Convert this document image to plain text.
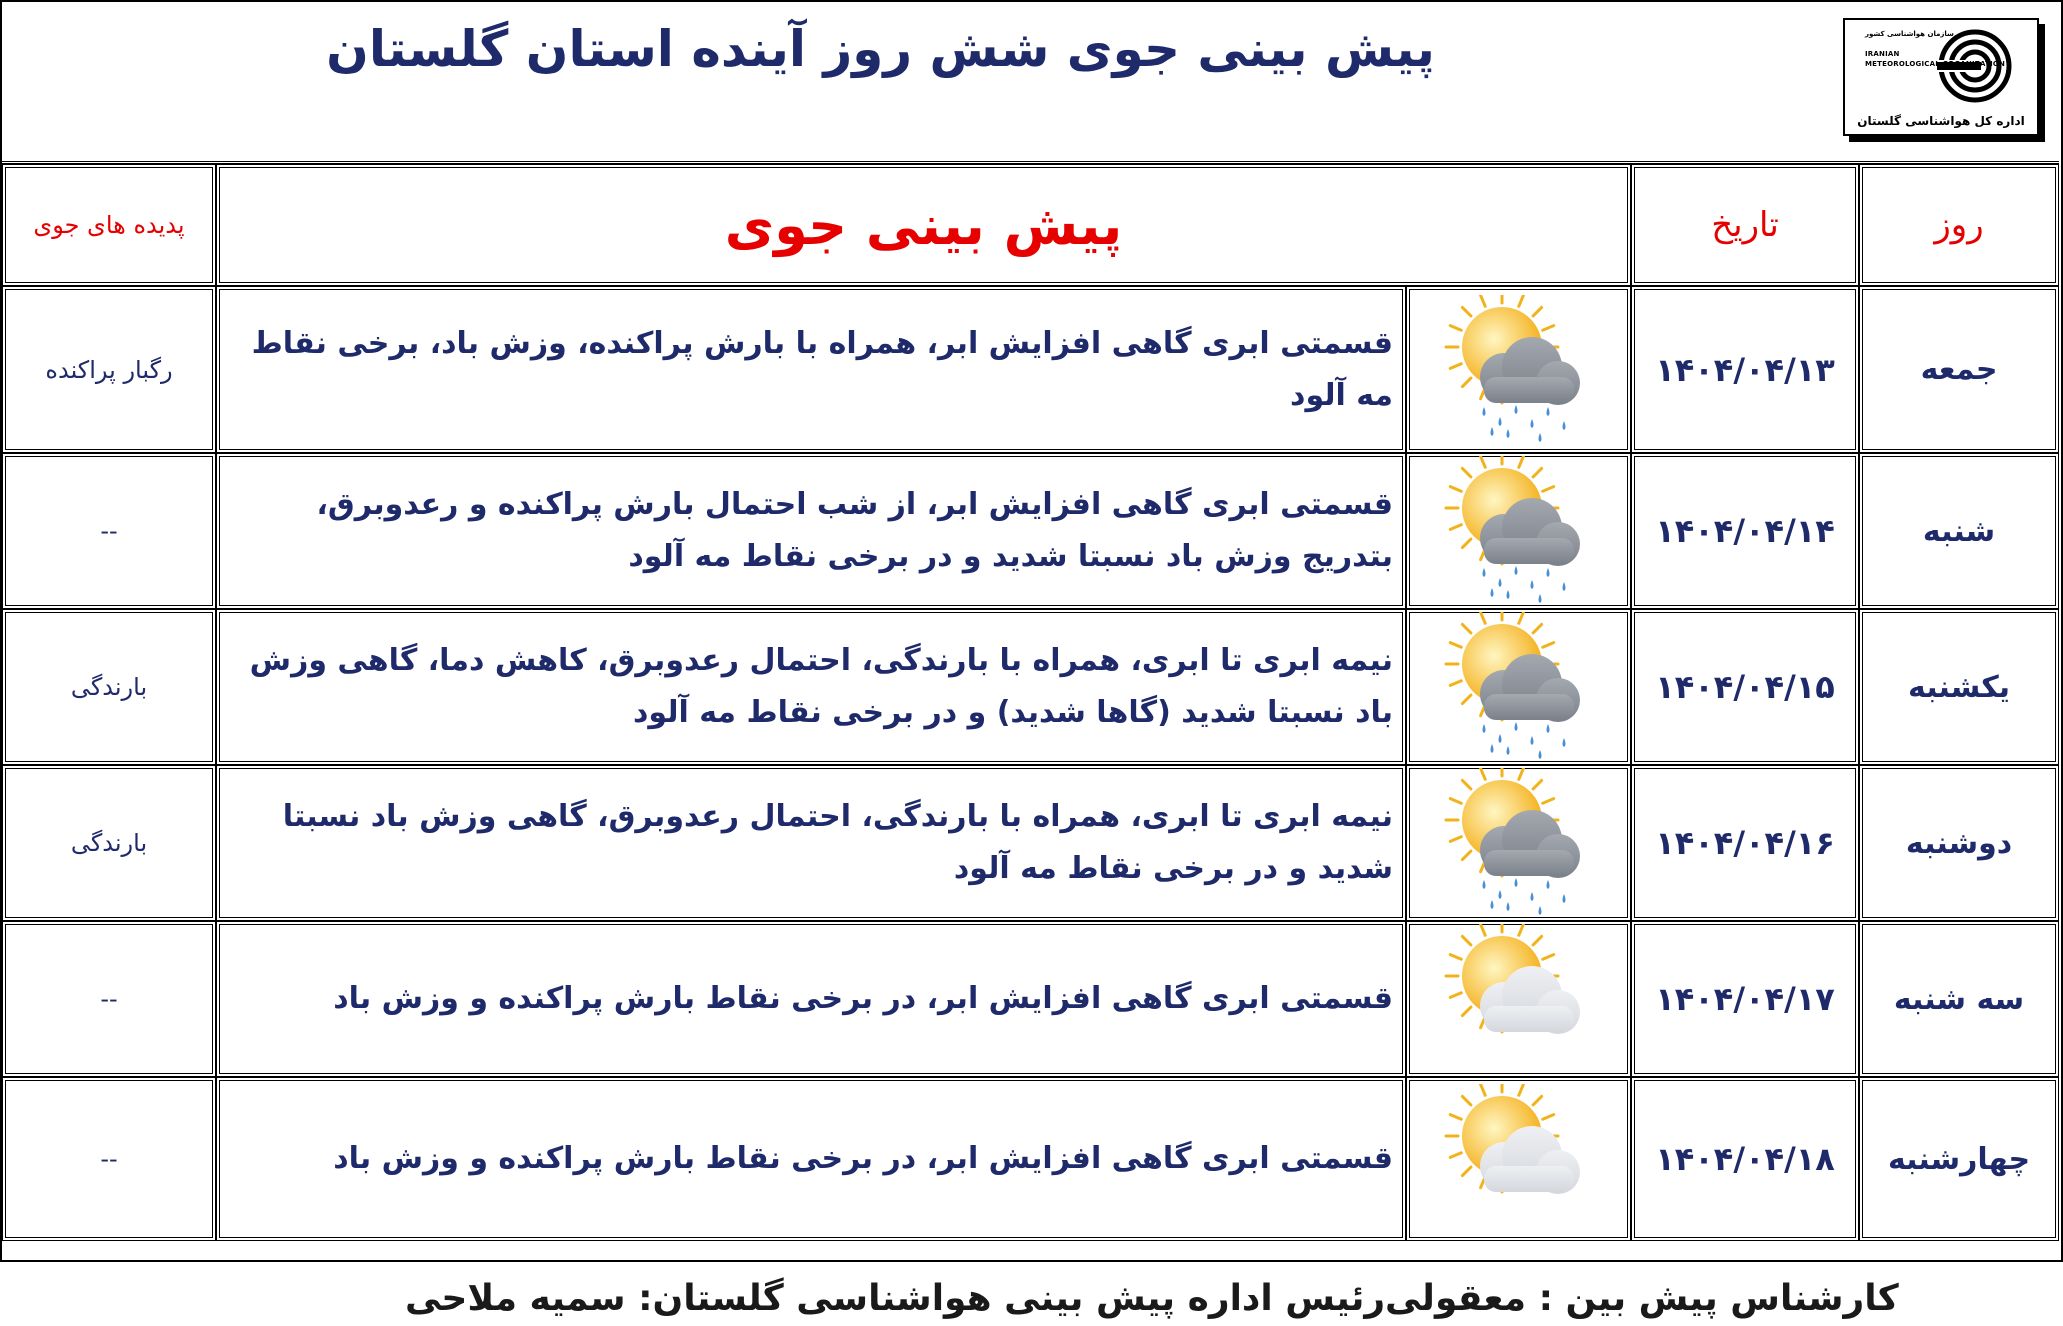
پیش بینی جوی شش روز آینده استان گلستان	سازمان هواشناسی کشور
IRANIAN
METEOROLOGICAL ORGANIZATION
اداره کل هواشناسی گلستان
روز	تاریخ	پیش بینی جوی		پدیده های جوی
جمعه	۱۴۰۴/۰۴/۱۳		قسمتی ابری گاهی افزایش ابر، همراه با بارش پراکنده، وزش باد، برخی نقاط مه آلود	رگبار پراکنده
شنبه	۱۴۰۴/۰۴/۱۴		قسمتی ابری گاهی افزایش ابر، از شب احتمال بارش پراکنده و رعدوبرق، بتدریج وزش باد نسبتا شدید و در برخی نقاط مه آلود	--
یکشنبه	۱۴۰۴/۰۴/۱۵		نیمه ابری تا ابری، همراه با بارندگی، احتمال رعدوبرق، کاهش دما، گاهی وزش باد نسبتا شدید (گاها شدید) و در برخی نقاط مه آلود	بارندگی
دوشنبه	۱۴۰۴/۰۴/۱۶		نیمه ابری تا ابری، همراه با بارندگی، احتمال رعدوبرق، گاهی وزش باد نسبتا شدید و در برخی نقاط مه آلود	بارندگی
سه شنبه	۱۴۰۴/۰۴/۱۷		قسمتی ابری گاهی افزایش ابر، در برخی نقاط بارش پراکنده و وزش باد	--
چهارشنبه	۱۴۰۴/۰۴/۱۸		قسمتی ابری گاهی افزایش ابر، در برخی نقاط بارش پراکنده و وزش باد	--
کارشناس پیش بین : معقولی
رئیس اداره پیش بینی هواشناسی گلستان: سمیه ملاحی
